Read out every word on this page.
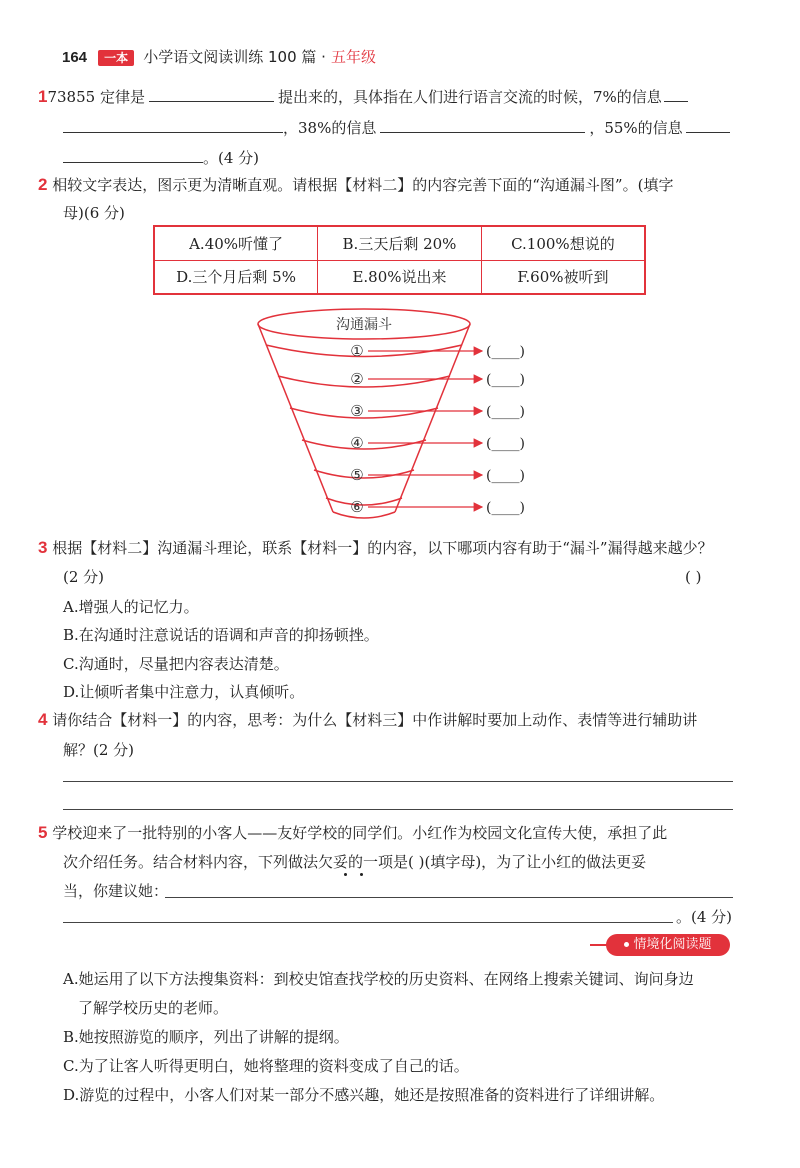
164 一本 小学语文阅读训练 100 篇 · 五年级
173855 定律是	提出来的，具体指在人们进行语言交流的时候，7%的信息
，38%的信息	，55%的信息
。(4 分)
2 相较文字表达，图示更为清晰直观。请根据【材料二】的内容完善下面的“沟通漏斗图”。(填字
母)(6 分)
A.40%听懂了	B.三天后剩 20%	C.100%想说的
D.三个月后剩 5%	E.80%说出来	F.60%被听到
沟通漏斗
①
②
③
④
⑤
⑥
(____)
(____)
(____)
(____)
(____)
(____)
3 根据【材料二】沟通漏斗理论，联系【材料一】的内容，以下哪项内容有助于“漏斗”漏得越来越少？
(2 分)	( )
A.增强人的记忆力。
B.在沟通时注意说话的语调和声音的抑扬顿挫。
C.沟通时，尽量把内容表达清楚。
D.让倾听者集中注意力，认真倾听。
4 请你结合【材料一】的内容，思考：为什么【材料三】中作讲解时要加上动作、表情等进行辅助讲
解？(2 分)
5 学校迎来了一批特别的小客人——友好学校的同学们。小红作为校园文化宣传大使，承担了此
次介绍任务。结合材料内容，下列做法欠妥的一项是( )(填字母)，为了让小红的做法更妥
当，你建议她：
。(4 分)
情境化阅读题
A.她运用了以下方法搜集资料：到校史馆查找学校的历史资料、在网络上搜索关键词、询问身边
了解学校历史的老师。
B.她按照游览的顺序，列出了讲解的提纲。
C.为了让客人听得更明白，她将整理的资料变成了自己的话。
D.游览的过程中，小客人们对某一部分不感兴趣，她还是按照准备的资料进行了详细讲解。
